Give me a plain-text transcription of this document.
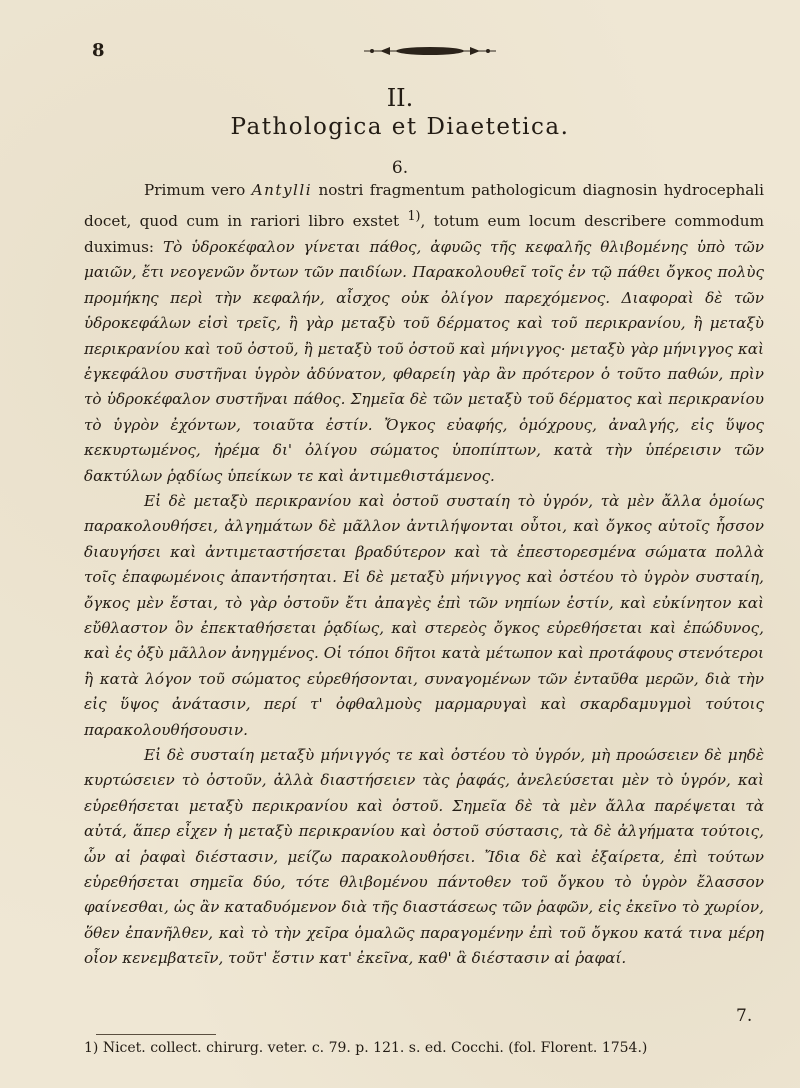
8
II.
Pathologica et Diaetetica.
6.

Primum vero Antylli nostri fragmentum pathologicum diagnosin hydrocephali docet, quod cum in rariori libro exstet $^{1)}$, totum eum locum describere commodum duximus: Τὸ ὑδροκέφαλον γίνεται πάθος, ἀφυῶς τῆς κεφαλῆς θλιβομένης ὑπὸ τῶν μαιῶν, ἔτι νεογενῶν ὄντων τῶν παιδίων. Παρακολουθεῖ τοῖς ἐν τῷ πάθει ὄγκος πολὺς προμήκης περὶ τὴν κεφαλήν, αἶσχος οὐκ ὀλίγον παρεχόμενος. Διαφοραὶ δὲ τῶν ὑδροκεφάλων εἰσὶ τρεῖς, ἢ γὰρ μεταξὺ τοῦ δέρματος καὶ τοῦ περικρανίου, ἢ μεταξὺ περικρανίου καὶ τοῦ ὀστοῦ, ἢ μεταξὺ τοῦ ὀστοῦ καὶ μήνιγγος· μεταξὺ γὰρ μήνιγγος καὶ ἐγκεφάλου συστῆναι ὑγρὸν ἀδύνατον, φθαρείη γὰρ ἂν πρότερον ὁ τοῦτο παθών, πρὶν τὸ ὑδροκέφαλον συστῆναι πάθος. Σημεῖα δὲ τῶν μεταξὺ τοῦ δέρματος καὶ περικρανίου τὸ ὑγρὸν ἐχόντων, τοιαῦτα ἐστίν. Ὄγκος εὐαφής, ὁμόχρους, ἀναλγής, εἰς ὕψος κεκυρτωμένος, ἠρέμα δι' ὀλίγου σώματος ὑποπίπτων, κατὰ τὴν ὑπέρεισιν τῶν δακτύλων ῥᾳδίως ὑπείκων τε καὶ ἀντιμεθιστάμενος.

Εἰ δὲ μεταξὺ περικρανίου καὶ ὀστοῦ συσταίη τὸ ὑγρόν, τὰ μὲν ἄλλα ὁμοίως παρακολουθήσει, ἀλγημάτων δὲ μᾶλλον ἀντιλήψονται οὗτοι, καὶ ὄγκος αὐτοῖς ἧσσον διαυγήσει καὶ ἀντιμεταστήσεται βραδύτερον καὶ τὰ ἐπεστορεσμένα σώματα πολλὰ τοῖς ἐπαφωμένοις ἀπαντήσηται. Εἰ δὲ μεταξὺ μήνιγγος καὶ ὀστέου τὸ ὑγρὸν συσταίη, ὄγκος μὲν ἔσται, τὸ γὰρ ὀστοῦν ἔτι ἀπαγὲς ἐπὶ τῶν νηπίων ἐστίν, καὶ εὐκίνητον καὶ εὔθλαστον ὃν ἐπεκταθήσεται ῥᾳδίως, καὶ στερεὸς ὄγκος εὑρεθήσεται καὶ ἐπώδυνος, καὶ ἐς ὀξὺ μᾶλλον ἀνηγμένος. Οἱ τόποι δῆτοι κατὰ μέτωπον καὶ προτάφους στενότεροι ἢ κατὰ λόγον τοῦ σώματος εὑρεθήσονται, συναγομένων τῶν ἐνταῦθα μερῶν, διὰ τὴν εἰς ὕψος ἀνάτασιν, περί τ' ὀφθαλμοὺς μαρμαρυγαὶ καὶ σκαρδαμυγμοὶ τούτοις παρακολουθήσουσιν.

Εἰ δὲ συσταίη μεταξὺ μήνιγγός τε καὶ ὀστέου τὸ ὑγρόν, μὴ προώσειεν δὲ μηδὲ κυρτώσειεν τὸ ὀστοῦν, ἀλλὰ διαστήσειεν τὰς ῥαφάς, ἀνελεύσεται μὲν τὸ ὑγρόν, καὶ εὑρεθήσεται μεταξὺ περικρανίου καὶ ὀστοῦ. Σημεῖα δὲ τὰ μὲν ἄλλα παρέψεται τὰ αὐτά, ἅπερ εἶχεν ἡ μεταξὺ περικρανίου καὶ ὀστοῦ σύστασις, τὰ δὲ ἀλγήματα τούτοις, ὧν αἱ ῥαφαὶ διέστασιν, μείζω παρακολουθήσει. Ἴδια δὲ καὶ ἐξαίρετα, ἐπὶ τούτων εὑρεθήσεται σημεῖα δύο, τότε θλιβομένου πάντοθεν τοῦ ὄγκου τὸ ὑγρὸν ἔλασσον φαίνεσθαι, ὡς ἂν καταδυόμενον διὰ τῆς διαστάσεως τῶν ῥαφῶν, εἰς ἐκεῖνο τὸ χωρίον, ὅθεν ἐπανῆλθεν, καὶ τὸ τὴν χεῖρα ὁμαλῶς παραγομένην ἐπὶ τοῦ ὄγκου κατά τινα μέρη οἷον κενεμβατεῖν, τοῦτ' ἔστιν κατ' ἐκεῖνα, καθ' ἃ διέστασιν αἱ ῥαφαί.

7.
1) Nicet. collect. chirurg. veter. c. 79. p. 121. s. ed. Cocchi. (fol. Florent. 1754.)
